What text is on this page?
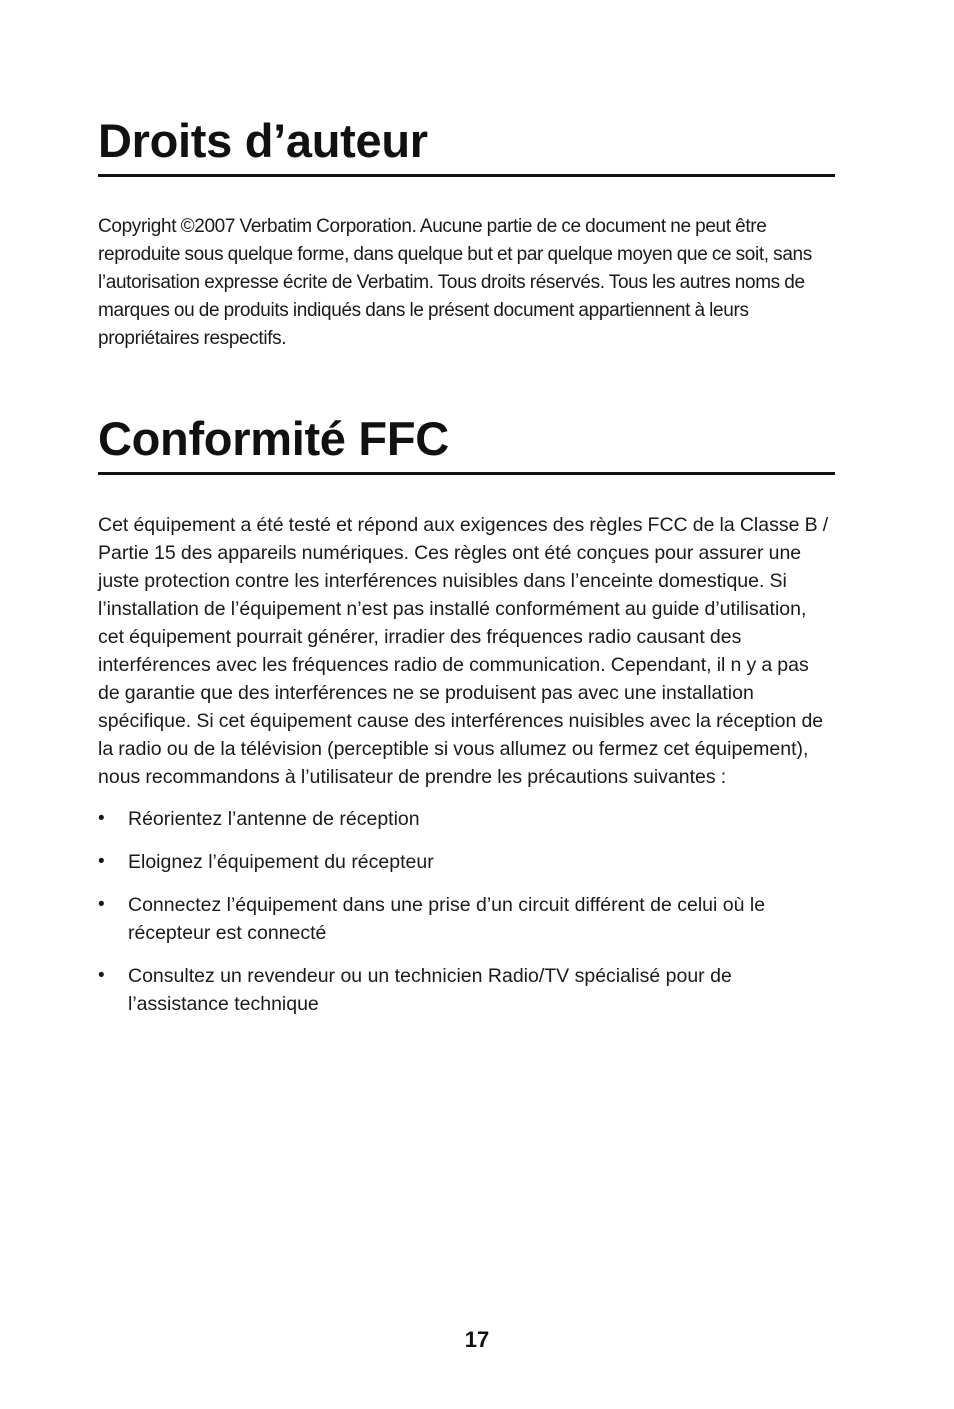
Droits d’auteur

Copyright ©2007 Verbatim Corporation. Aucune partie de ce document ne peut être reproduite sous quelque forme, dans quelque but et par quelque moyen que ce soit, sans l’autorisation expresse écrite de Verbatim. Tous droits réservés. Tous les autres noms de marques ou de produits indiqués dans le présent document appartiennent à leurs propriétaires respectifs.

Conformité FFC

Cet équipement a été testé et répond aux exigences des règles FCC de la Classe B / Partie 15 des appareils numériques. Ces règles ont été conçues pour assurer une juste protection contre les interférences nuisibles dans l’enceinte domestique. Si l’installation de l’équipement n’est pas installé conformément au guide d’utilisation, cet équipement pourrait générer, irradier des fréquences radio causant des interférences avec les fréquences radio de communication. Cependant, il n y a pas de garantie que des interférences ne se produisent pas avec une installation spécifique. Si cet équipement cause des interférences nuisibles avec la réception de la radio ou de la télévision (perceptible si vous allumez ou fermez cet équipement), nous recommandons à l’utilisateur de prendre les précautions suivantes :

•	Réorientez l’antenne de réception
•	Eloignez l’équipement du récepteur
•	Connectez l’équipement dans une prise d’un circuit différent de celui où le récepteur est connecté
•	Consultez un revendeur ou un technicien Radio/TV spécialisé pour de l’assistance technique
17
